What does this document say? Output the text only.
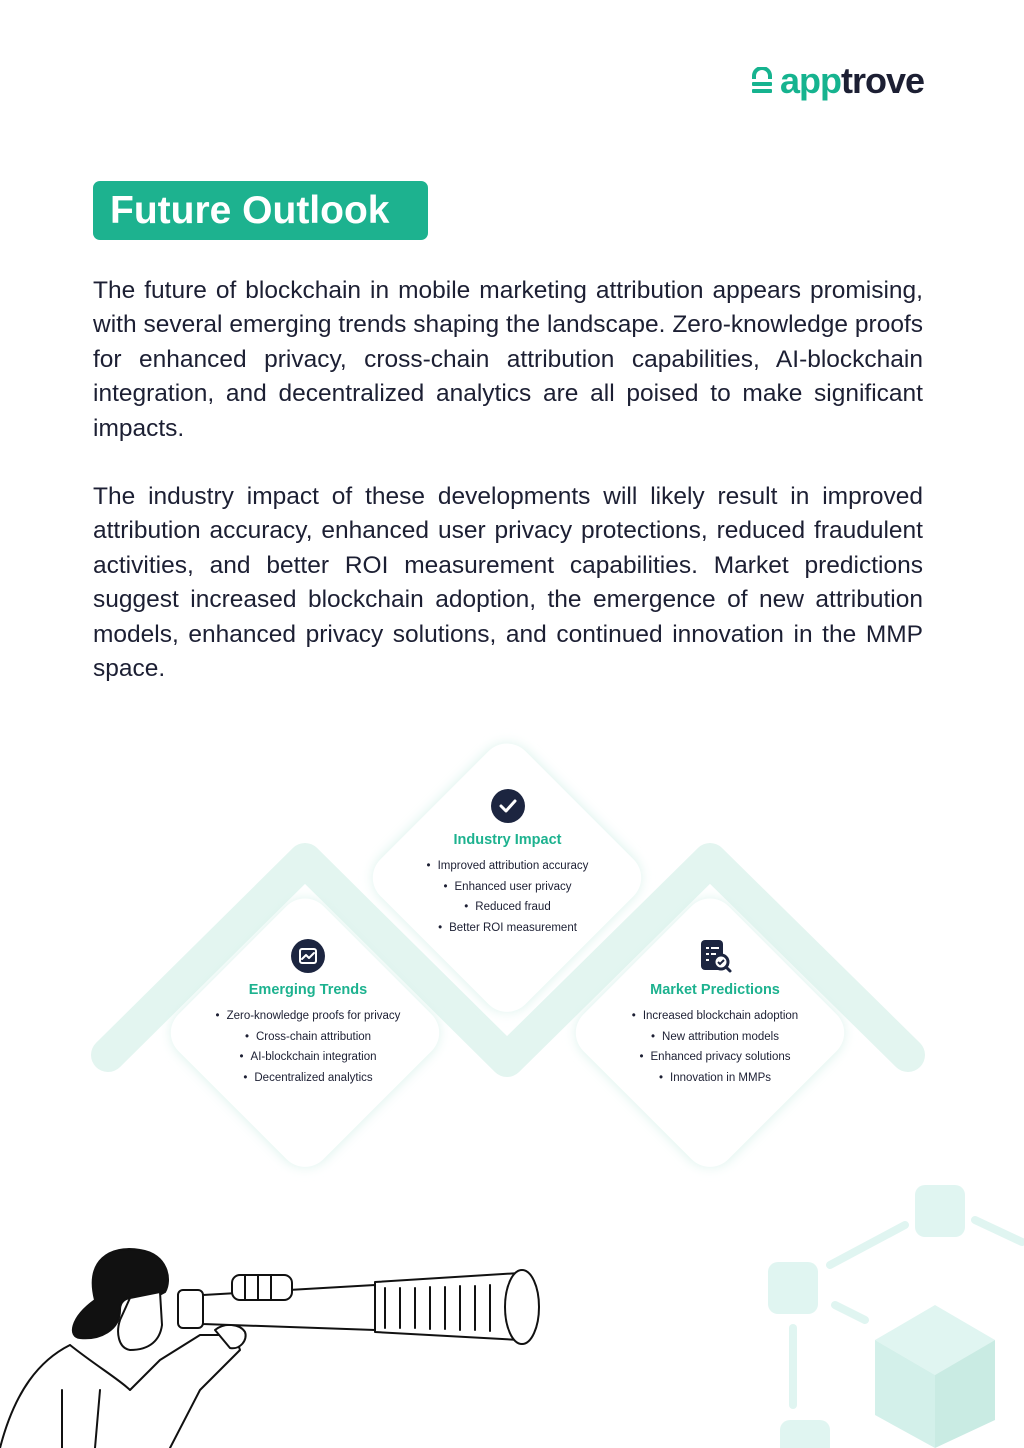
apptrove
Future Outlook

The future of blockchain in mobile marketing attribution appears promising, with several emerging trends shaping the landscape. Zero-knowledge proofs for enhanced privacy, cross-chain attribution capabilities, AI-blockchain integration, and decentralized analytics are all poised to make significant impacts.

The industry impact of these developments will likely result in improved attribution accuracy, enhanced user privacy protections, reduced fraudulent activities, and better ROI measurement capabilities. Market predictions suggest increased blockchain adoption, the emergence of new attribution models, enhanced privacy solutions, and continued innovation in the MMP space.

Industry Impact
• Improved attribution accuracy
• Enhanced user privacy
• Reduced fraud
• Better ROI measurement
Emerging Trends
• Zero-knowledge proofs for privacy
• Cross-chain attribution
• AI-blockchain integration
• Decentralized analytics
Market Predictions
• Increased blockchain adoption
• New attribution models
• Enhanced privacy solutions
• Innovation in MMPs
